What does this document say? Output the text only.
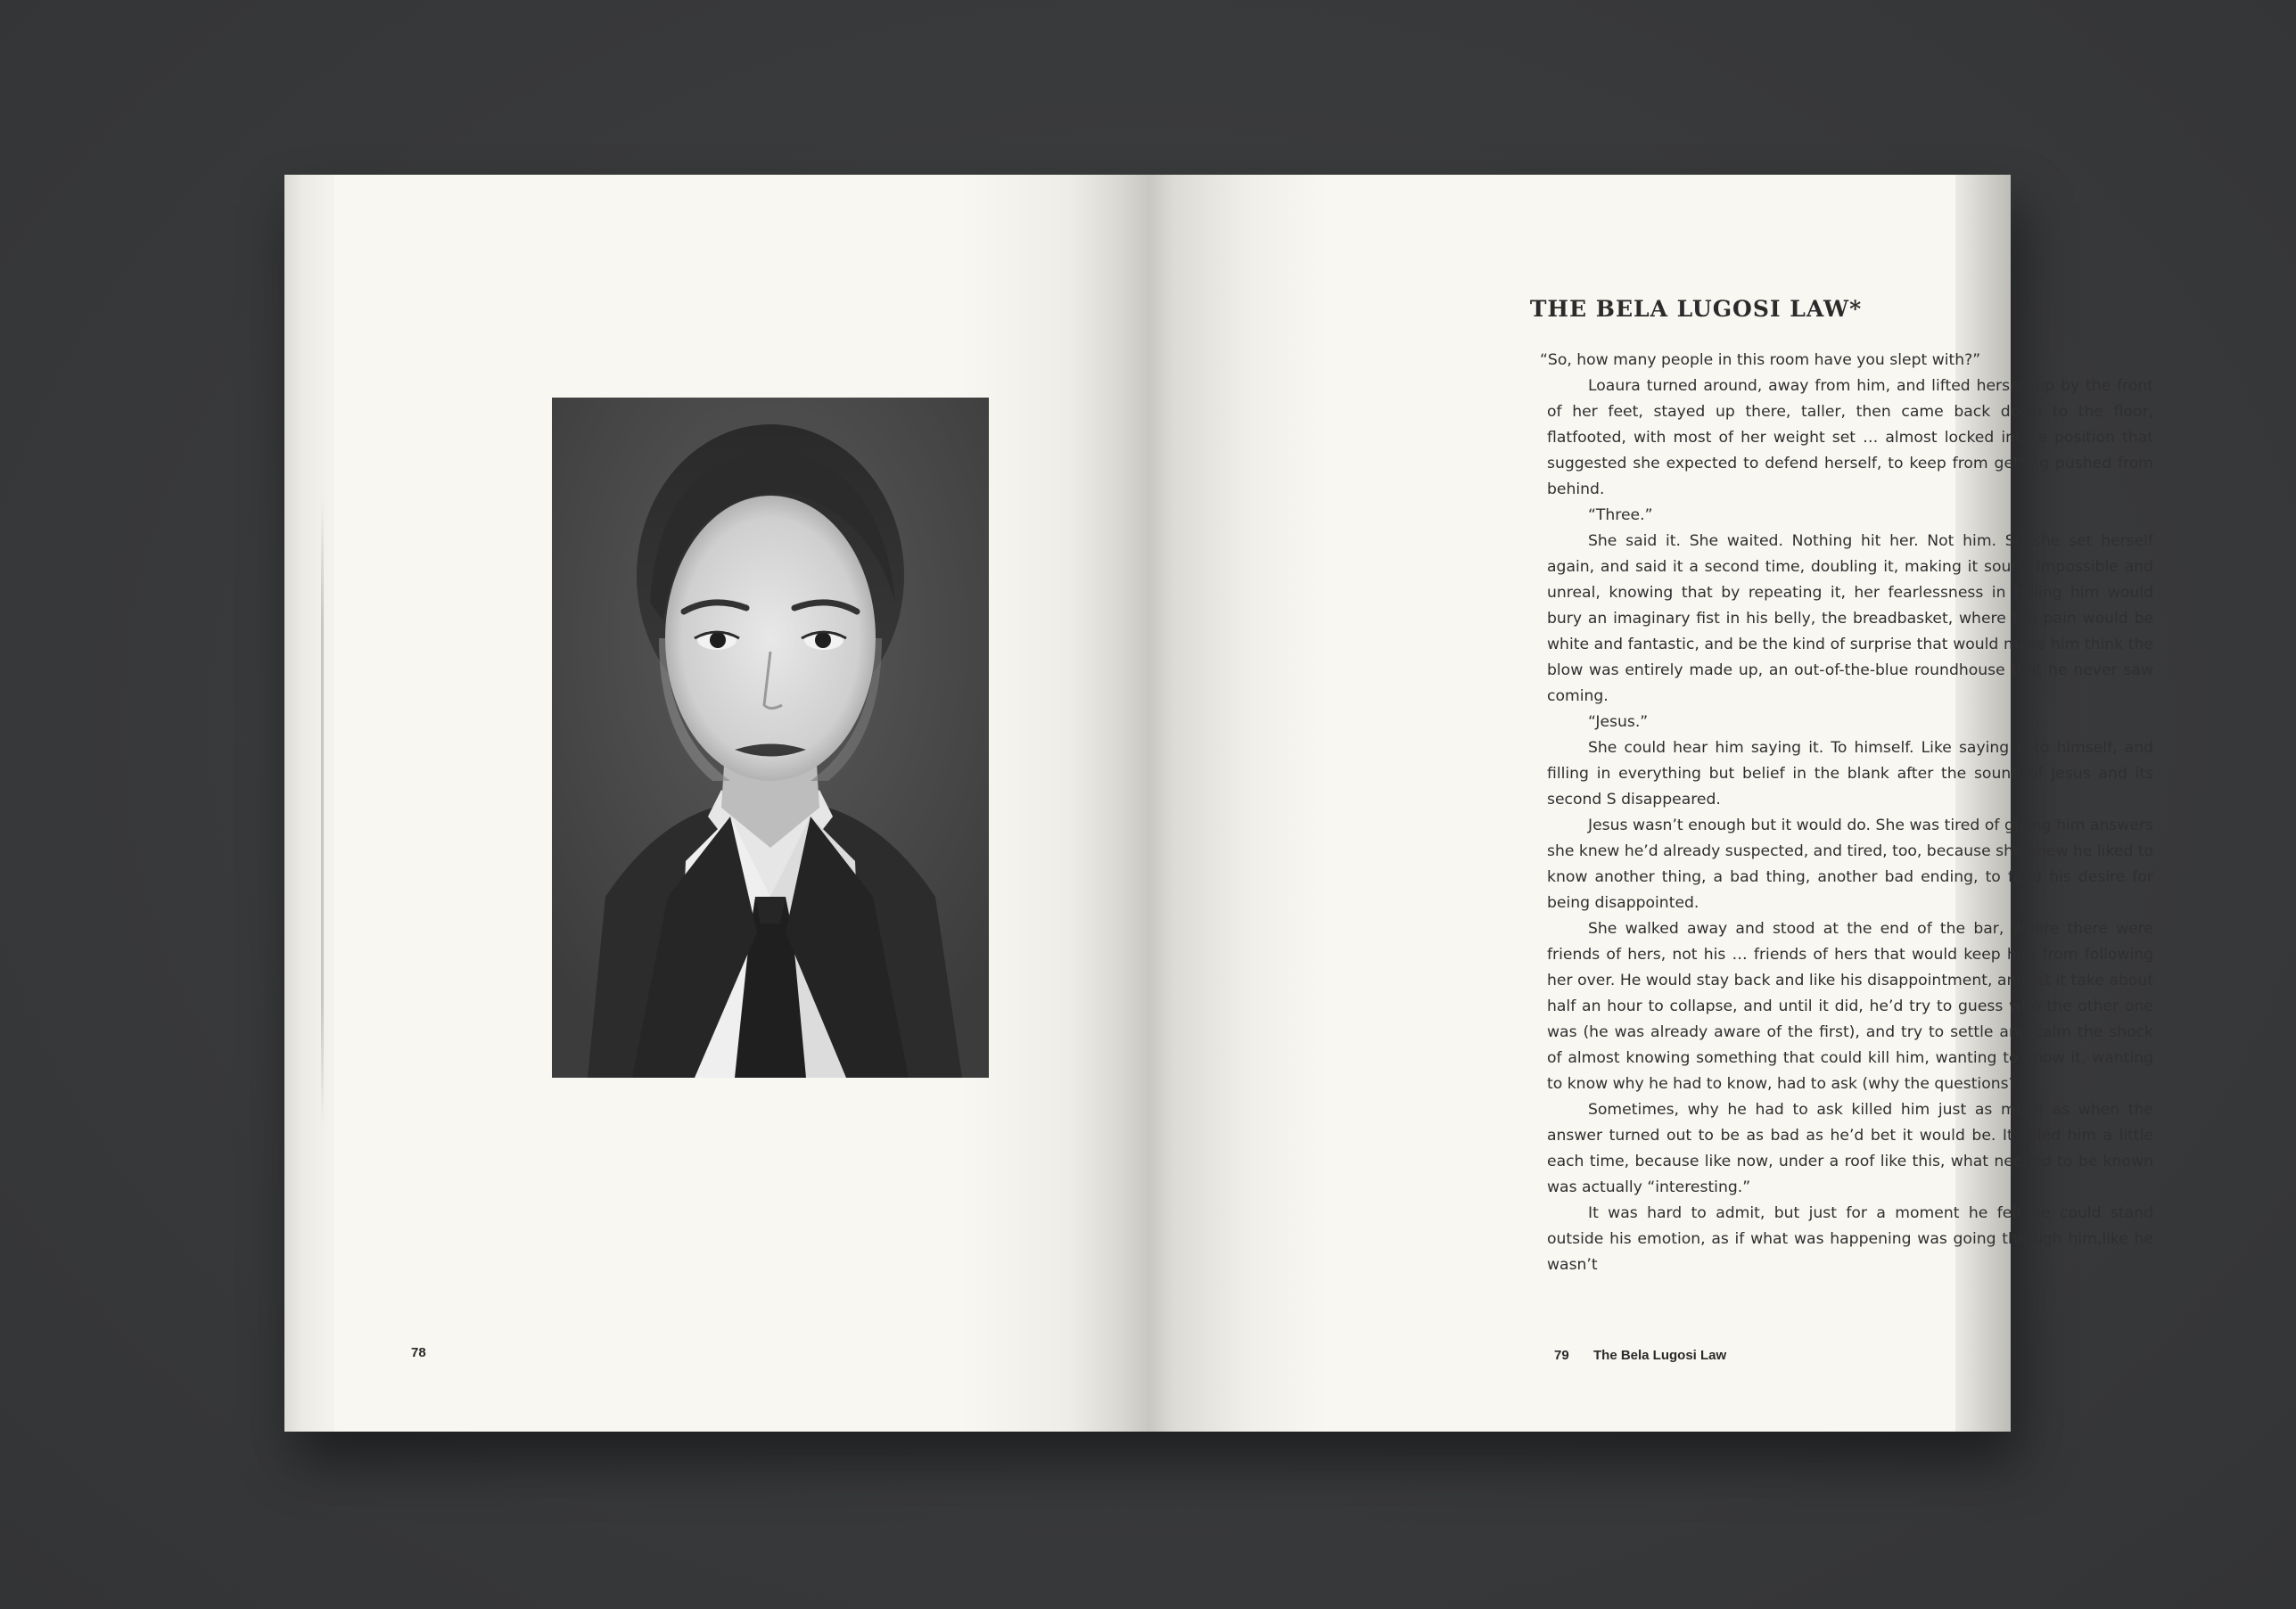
78
THE BELA LUGOSI LAW*

“So, how many people in this room have you slept with?”

Loaura turned around, away from him, and lifted herself up by the front of her feet, stayed up there, taller, then came back down to the floor, flatfooted, with most of her weight set … almost locked into a position that suggested she expected to defend herself, to keep from getting pushed from behind.

“Three.”

She said it. She waited. Nothing hit her. Not him. So she set herself again, and said it a second time, doubling it, making it sound impossible and unreal, knowing that by repeating it, her fearlessness in telling him would bury an imaginary fist in his belly, the breadbasket, where the pain would be white and fantastic, and be the kind of surprise that would make him think the blow was entirely made up, an out-of-the-blue roundhouse that he never saw coming.

“Jesus.”

She could hear him saying it. To himself. Like saying it to himself, and filling in everything but belief in the blank after the sound of Jesus and its second S disappeared.

Jesus wasn’t enough but it would do. She was tired of giving him answers she knew he’d already suspected, and tired, too, because she knew he liked to know another thing, a bad thing, another bad ending, to feed his desire for being disappointed.

She walked away and stood at the end of the bar, where there were friends of hers, not his … friends of hers that would keep him from following her over. He would stay back and like his disappointment, and let it take about half an hour to collapse, and until it did, he’d try to guess who the other one was (he was already aware of the first), and try to settle and calm the shock of almost knowing something that could kill him, wanting to know it, wanting to know why he had to know, had to ask (why the questions?)

Sometimes, why he had to ask killed him just as much as when the answer turned out to be as bad as he’d bet it would be. It killed him a little each time, because like now, under a roof like this, what needed to be known was actually “interesting.”

It was hard to admit, but just for a moment he felt he could stand outside his emotion, as if what was happening was going through him,like he wasn’t

79 The Bela Lugosi Law
